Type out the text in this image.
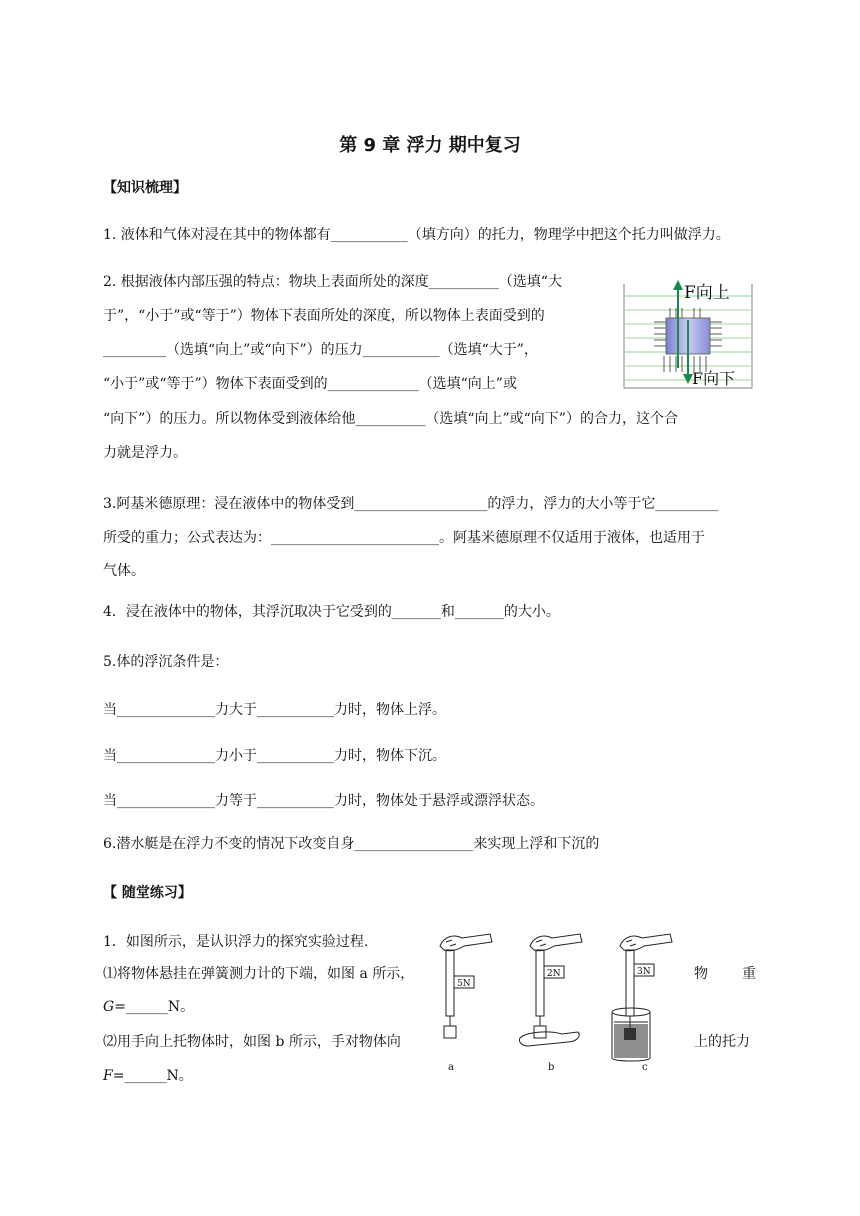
第 9 章 浮力 期中复习
【知识梳理】
1. 液体和气体对浸在其中的物体都有___________（填方向）的托力，物理学中把这个托力叫做浮力。
2. 根据液体内部压强的特点：物块上表面所处的深度__________（选填“大
于”，“小于”或“等于”）物体下表面所处的深度，所以物体上表面受到的
_________（选填“向上”或“向下”）的压力___________（选填“大于”，
“小于”或“等于”）物体下表面受到的_____________（选填“向上”或
“向下”）的压力。所以物体受到液体给他__________（选填“向上”或“向下”）的合力，这个合
力就是浮力。
F向上
F向下
3.阿基米德原理：浸在液体中的物体受到___________________的浮力，浮力的大小等于它_________
所受的重力；公式表达为：________________________。阿基米德原理不仅适用于液体，也适用于
气体。
4．浸在液体中的物体，其浮沉取决于它受到的_______和_______的大小。
5.体的浮沉条件是：
当______________力大于___________力时，物体上浮。
当______________力小于___________力时，物体下沉。
当______________力等于___________力时，物体处于悬浮或漂浮状态。
6.潜水艇是在浮力不变的情况下改变自身_________________来实现上浮和下沉的
【 随堂练习】
1．如图所示，是认识浮力的探究实验过程.
⑴将物体悬挂在弹簧测力计的下端，如图 a 所示，	物 重
G=______N。
⑵用手向上托物体时，如图 b 所示，手对物体向	上的托力
F=______N。
5N
2N	3N
a	b	c
